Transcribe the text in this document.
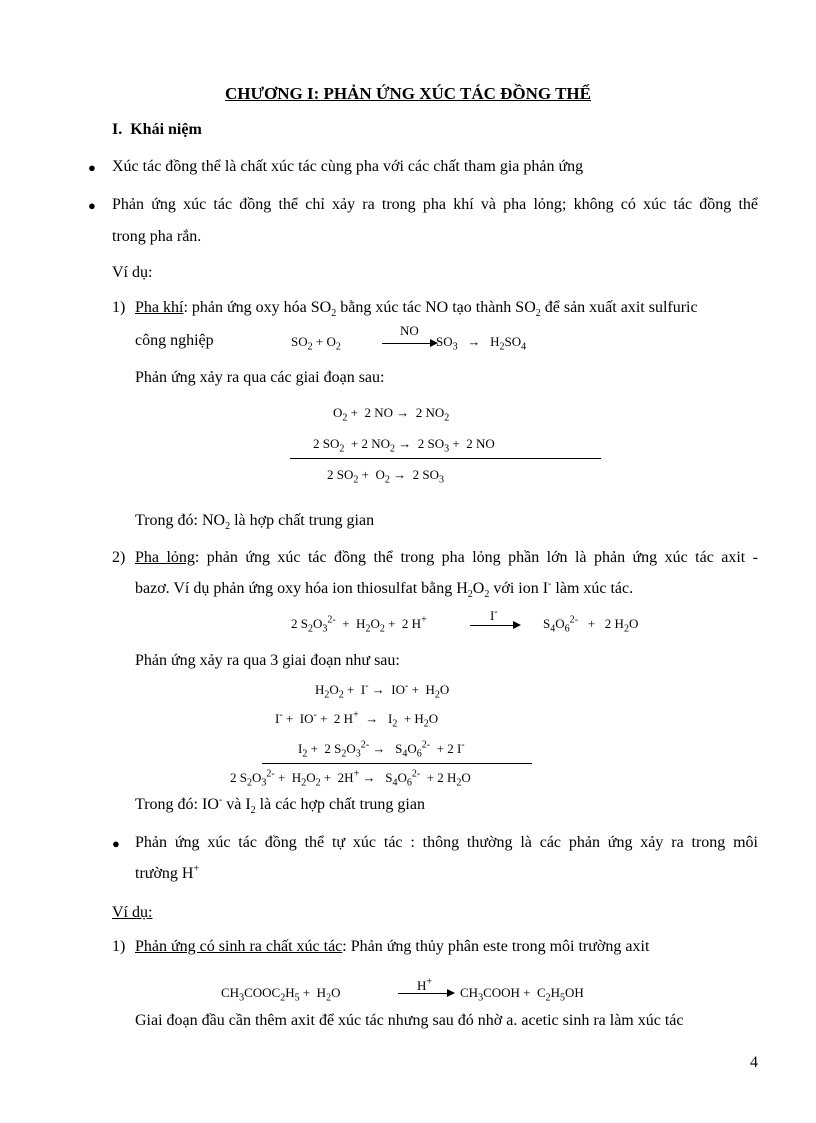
CHƯƠNG I: PHẢN ỨNG XÚC TÁC ĐỒNG THỂ
I. Khái niệm
● Xúc tác đồng thể là chất xúc tác cùng pha với các chất tham gia phản ứng
● Phản ứng xúc tác đồng thể chỉ xảy ra trong pha khí và pha lỏng; không có xúc tác đồng thể
trong pha rắn.
Ví dụ:
1) Pha khí: phản ứng oxy hóa $SO_2$ bằng xúc tác NO tạo thành $SO_2$ để sản xuất axit sulfuric
công nghiệp	$SO_2 + O_2$
NO
$SO_3 \to H_2SO_4$
Phản ứng xảy ra qua các giai đoạn sau:
$O_2 + 2$ NO →  2 $NO_2$
2 $SO_2 + 2$ $NO_2 \to 2$ $SO_3 + 2$ NO
2 $SO_2 + O_2 \to 2$ $SO_3$
Trong đó: $NO_2$ là hợp chất trung gian
2) Pha lỏng: phản ứng xúc tác đồng thể trong pha lỏng phần lớn là phản ứng xúc tác axit -
bazơ. Ví dụ phản ứng oxy hóa ion thiosulfat bằng $H_2O_2$ với ion I- làm xúc tác.
2 $S_2O_3^{2-} + H_2O_2 + 2$ H+	I-
$S_4O_6^{2-} + 2$ $H_2O$
Phản ứng xảy ra qua 3 giai đoạn như sau:
$H_2O_2 + I^- \to IO^- + H_2O$
I- +  IO- +  2 $H^+ \to I_2 + H_2O$
$I_2 + 2$ $S_2O_3^{2-} \to S_4O_6^{2-} + 2$ I-
2 $S_2O_3^{2-} + H_2O_2 + 2H^+ \to S_4O_6^{2-} + 2$ $H_2O$
Trong đó: IO- và $I_2$ là các hợp chất trung gian
● Phản ứng xúc tác đồng thể tự xúc tác : thông thường là các phản ứng xảy ra trong môi
trường H+
Ví dụ:
1) Phản ứng có sinh ra chất xúc tác: Phản ứng thủy phân este trong môi trường axit
$CH_3COOC_2H_5 + H_2O$	H+
$CH_3COOH + C_2H_5OH$
Giai đoạn đầu cần thêm axit để xúc tác nhưng sau đó nhờ a. acetic sinh ra làm xúc tác
4
